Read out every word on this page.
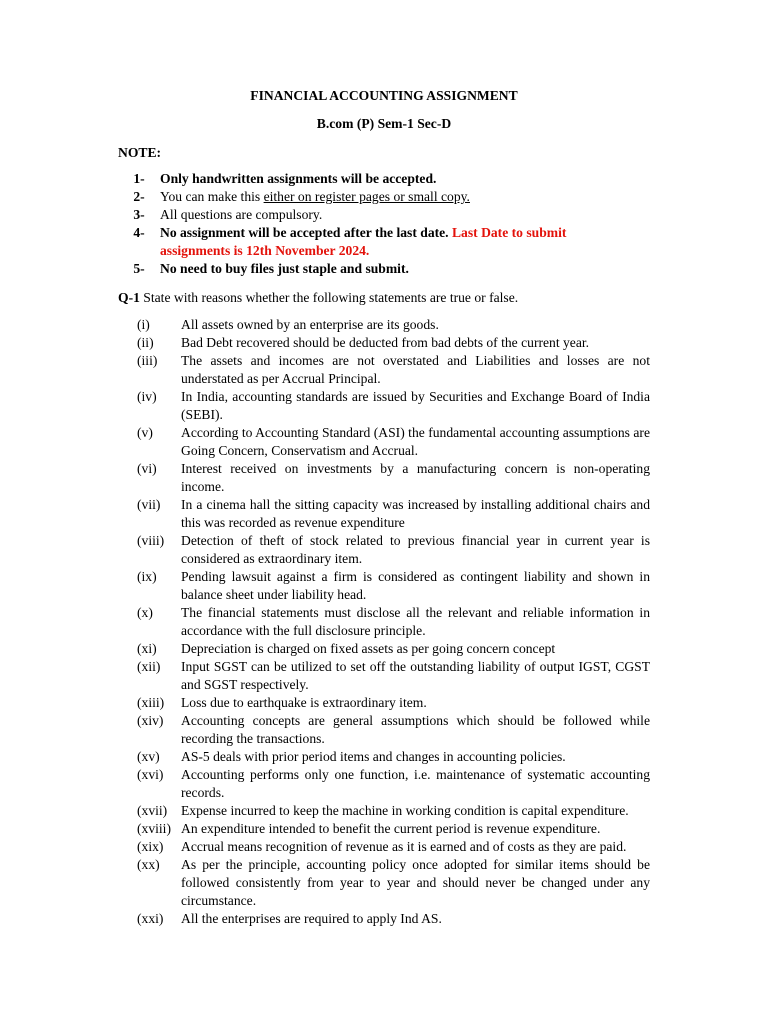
FINANCIAL ACCOUNTING ASSIGNMENT
B.com (P) Sem-1 Sec-D
NOTE:
1-	Only handwritten assignments will be accepted.
2-	You can make this either on register pages or small copy.
3-	All questions are compulsory.
4-	No assignment will be accepted after the last date. Last Date to submit assignments is 12th November 2024.
5-	No need to buy files just staple and submit.
Q-1 State with reasons whether the following statements are true or false.
(i)	All assets owned by an enterprise are its goods.
(ii)	Bad Debt recovered should be deducted from bad debts of the current year.
(iii)	The assets and incomes are not overstated and Liabilities and losses are not understated as per Accrual Principal.
(iv)	In India, accounting standards are issued by Securities and Exchange Board of India (SEBI).
(v)	According to Accounting Standard (ASI) the fundamental accounting assumptions are Going Concern, Conservatism and Accrual.
(vi)	Interest received on investments by a manufacturing concern is non-operating income.
(vii)	In a cinema hall the sitting capacity was increased by installing additional chairs and this was recorded as revenue expenditure
(viii)	Detection of theft of stock related to previous financial year in current year is considered as extraordinary item.
(ix)	Pending lawsuit against a firm is considered as contingent liability and shown in balance sheet under liability head.
(x)	The financial statements must disclose all the relevant and reliable information in accordance with the full disclosure principle.
(xi)	Depreciation is charged on fixed assets as per going concern concept
(xii)	Input SGST can be utilized to set off the outstanding liability of output IGST, CGST and SGST respectively.
(xiii)	Loss due to earthquake is extraordinary item.
(xiv)	Accounting concepts are general assumptions which should be followed while recording the transactions.
(xv)	AS-5 deals with prior period items and changes in accounting policies.
(xvi)	Accounting performs only one function, i.e. maintenance of systematic accounting records.
(xvii)	Expense incurred to keep the machine in working condition is capital expenditure.
(xviii) An expenditure intended to benefit the current period is revenue expenditure.
(xix)	Accrual means recognition of revenue as it is earned and of costs as they are paid.
(xx)	As per the principle, accounting policy once adopted for similar items should be followed consistently from year to year and should never be changed under any circumstance.
(xxi)	All the enterprises are required to apply Ind AS.
